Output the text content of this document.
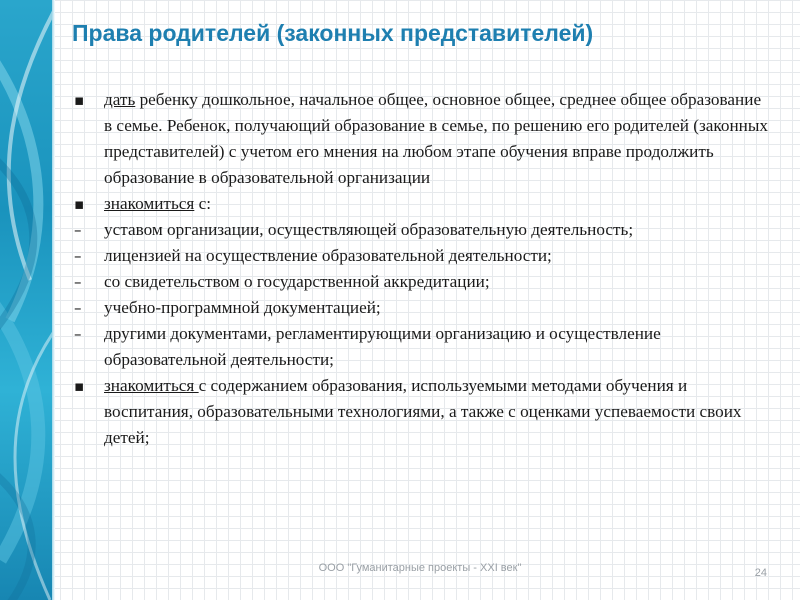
Права родителей (законных представителей)
▪	дать ребенку дошкольное, начальное общее, основное общее, среднее общее образование в семье. Ребенок, получающий образование в семье, по решению его родителей (законных представителей) с учетом его мнения на любом этапе обучения вправе продолжить образование в образовательной организации
▪	знакомиться с:
–	уставом организации, осуществляющей образовательную деятельность;
–	лицензией на осуществление образовательной деятельности;
–	со свидетельством о государственной аккредитации;
–	учебно-программной документацией;
–	другими документами, регламентирующими организацию и осуществление образовательной деятельности;
▪	знакомиться с содержанием образования, используемыми методами обучения и воспитания, образовательными технологиями, а также с оценками успеваемости своих детей;
ООО "Гуманитарные проекты - XXI век"	24
